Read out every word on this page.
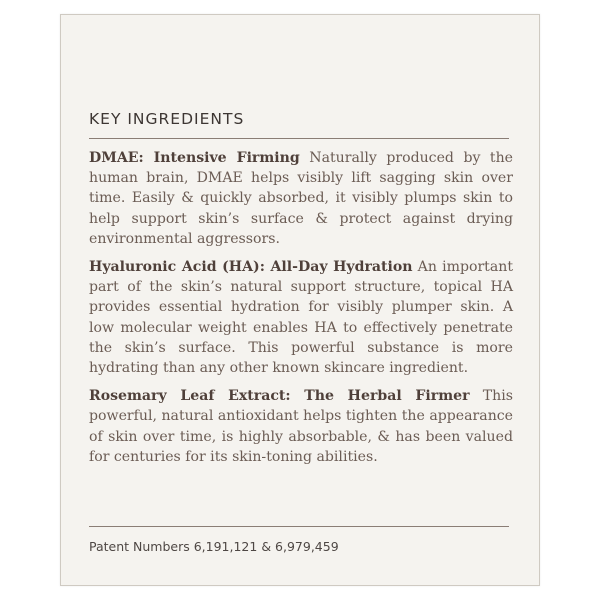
KEY INGREDIENTS

DMAE: Intensive Firming Naturally produced by the human brain, DMAE helps visibly lift sagging skin over time. Easily & quickly absorbed, it visibly plumps skin to help support skin’s surface & protect against drying environmental aggressors.

Hyaluronic Acid (HA): All-Day Hydration An important part of the skin’s natural support structure, topical HA provides essential hydration for visibly plumper skin. A low molecular weight enables HA to effectively penetrate the skin’s surface. This powerful substance is more hydrating than any other known skincare ingredient.

Rosemary Leaf Extract: The Herbal Firmer This powerful, natural antioxidant helps tighten the appearance of skin over time, is highly absorbable, & has been valued for centuries for its skin-toning abilities.

Patent Numbers 6,191,121 & 6,979,459
